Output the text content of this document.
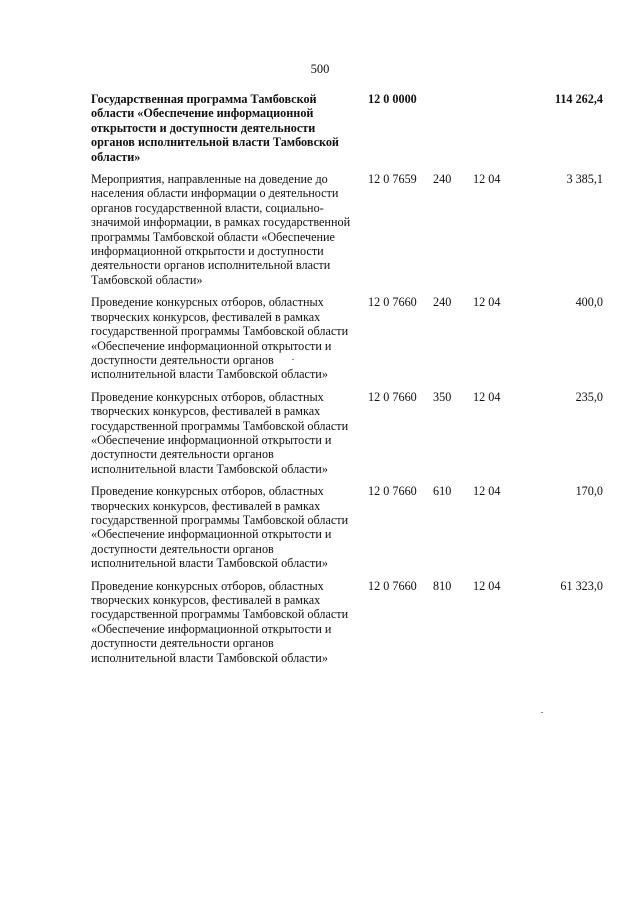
500
Государственная программа Тамбовской области «Обеспечение информационной открытости и доступности деятельности органов исполнительной власти Тамбовской области»
12 0 0000	114 262,4
Мероприятия, направленные на доведение до населения области информации о деятельности органов государственной власти, социально-значимой информации, в рамках государственной программы Тамбовской области «Обеспечение информационной открытости и доступности деятельности органов исполнительной власти Тамбовской области»
12 0 7659 240 12 04	3 385,1
Проведение конкурсных отборов, областных творческих конкурсов, фестивалей в рамках государственной программы Тамбовской области «Обеспечение информационной открытости и доступности деятельности органов исполнительной власти Тамбовской области»
12 0 7660 240 12 04	400,0
Проведение конкурсных отборов, областных творческих конкурсов, фестивалей в рамках государственной программы Тамбовской области «Обеспечение информационной открытости и доступности деятельности органов исполнительной власти Тамбовской области»
12 0 7660 350 12 04	235,0
Проведение конкурсных отборов, областных творческих конкурсов, фестивалей в рамках государственной программы Тамбовской области «Обеспечение информационной открытости и доступности деятельности органов исполнительной власти Тамбовской области»
12 0 7660 610 12 04	170,0
Проведение конкурсных отборов, областных творческих конкурсов, фестивалей в рамках государственной программы Тамбовской области «Обеспечение информационной открытости и доступности деятельности органов исполнительной власти Тамбовской области»
12 0 7660 810 12 04	61 323,0
